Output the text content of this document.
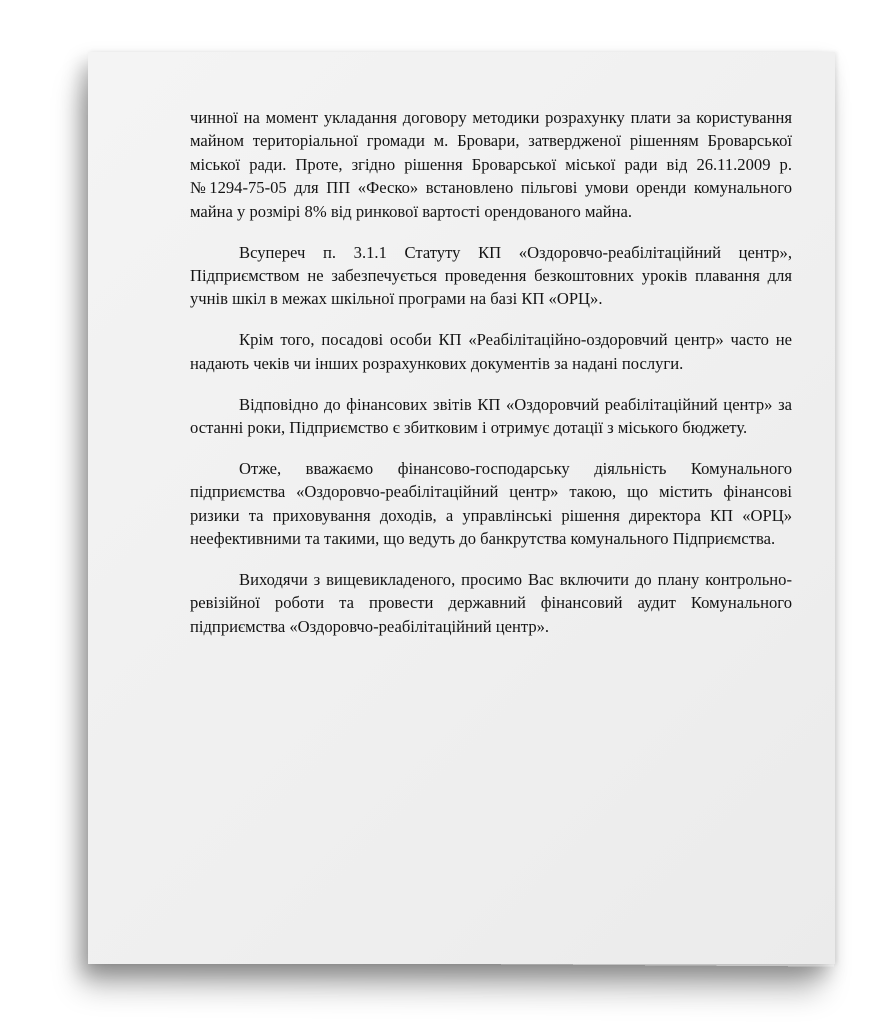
чинної на момент укладання договору методики розрахунку плати за користування майном територіальної громади м. Бровари, затвердженої рішенням Броварської міської ради. Проте, згідно рішення Броварської міської ради від 26.11.2009 р. №1294-75-05 для ПП «Феско» встановлено пільгові умови оренди комунального майна у розмірі 8% від ринкової вартості орендованого майна.

Всупереч п. 3.1.1 Статуту КП «Оздоровчо-реабілітаційний центр», Підприємством не забезпечується проведення безкоштовних уроків плавання для учнів шкіл в межах шкільної програми на базі КП «ОРЦ».

Крім того, посадові особи КП «Реабілітаційно-оздоровчий центр» часто не надають чеків чи інших розрахункових документів за надані послуги.

Відповідно до фінансових звітів КП «Оздоровчий реабілітаційний центр» за останні роки, Підприємство є збитковим і отримує дотації з міського бюджету.

Отже, вважаємо фінансово-господарську діяльність Комунального підприємства «Оздоровчо-реабілітаційний центр» такою, що містить фінансові ризики та приховування доходів, а управлінські рішення директора КП «ОРЦ» неефективними та такими, що ведуть до банкрутства комунального Підприємства.

Виходячи з вищевикладеного, просимо Вас включити до плану контрольно-ревізійної роботи та провести державний фінансовий аудит Комунального підприємства «Оздоровчо-реабілітаційний центр».
